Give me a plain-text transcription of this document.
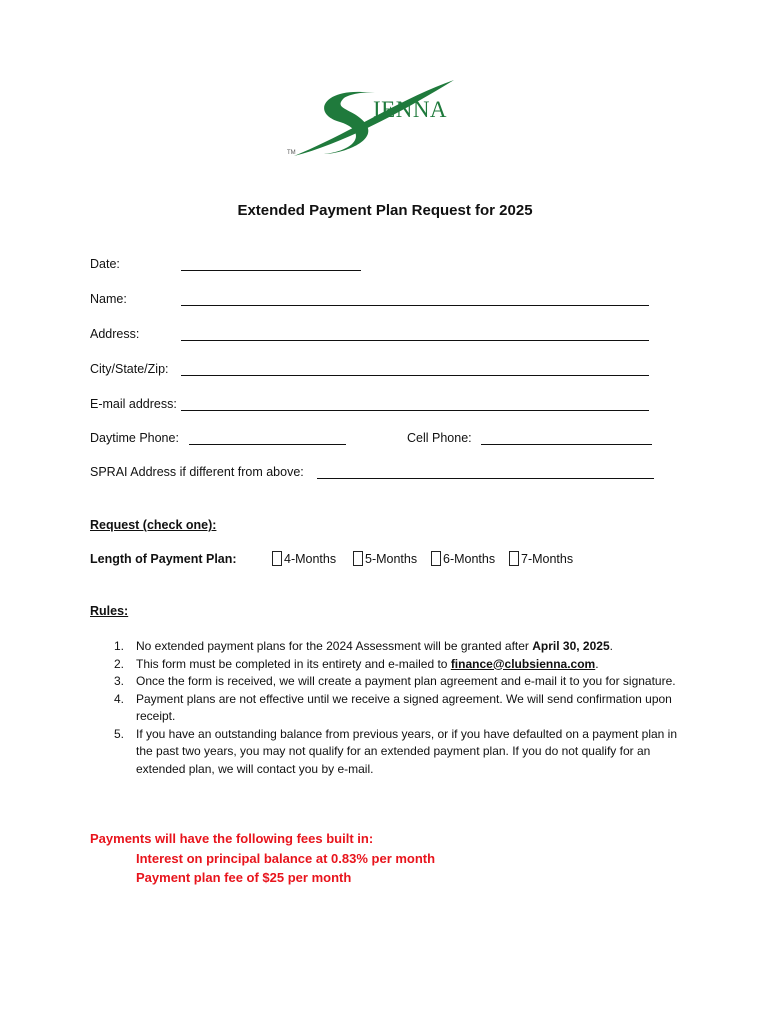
IENNA
TM
Extended Payment Plan Request for 2025
Date:
Name:
Address:
City/State/Zip:
E-mail address:
Daytime Phone:	Cell Phone:
SPRAI Address if different from above:
Request (check one):
Length of Payment Plan:	4-Months 5-Months 6-Months 7-Months
Rules:
1. No extended payment plans for the 2024 Assessment will be granted after April 30, 2025.
2. This form must be completed in its entirety and e-mailed to finance@clubsienna.com.
3. Once the form is received, we will create a payment plan agreement and e-mail it to you for signature.
4. Payment plans are not effective until we receive a signed agreement. We will send confirmation upon receipt.
5. If you have an outstanding balance from previous years, or if you have defaulted on a payment plan in the past two years, you may not qualify for an extended payment plan. If you do not qualify for an extended plan, we will contact you by e-mail.
Payments will have the following fees built in:
Interest on principal balance at 0.83% per month
Payment plan fee of $25 per month
